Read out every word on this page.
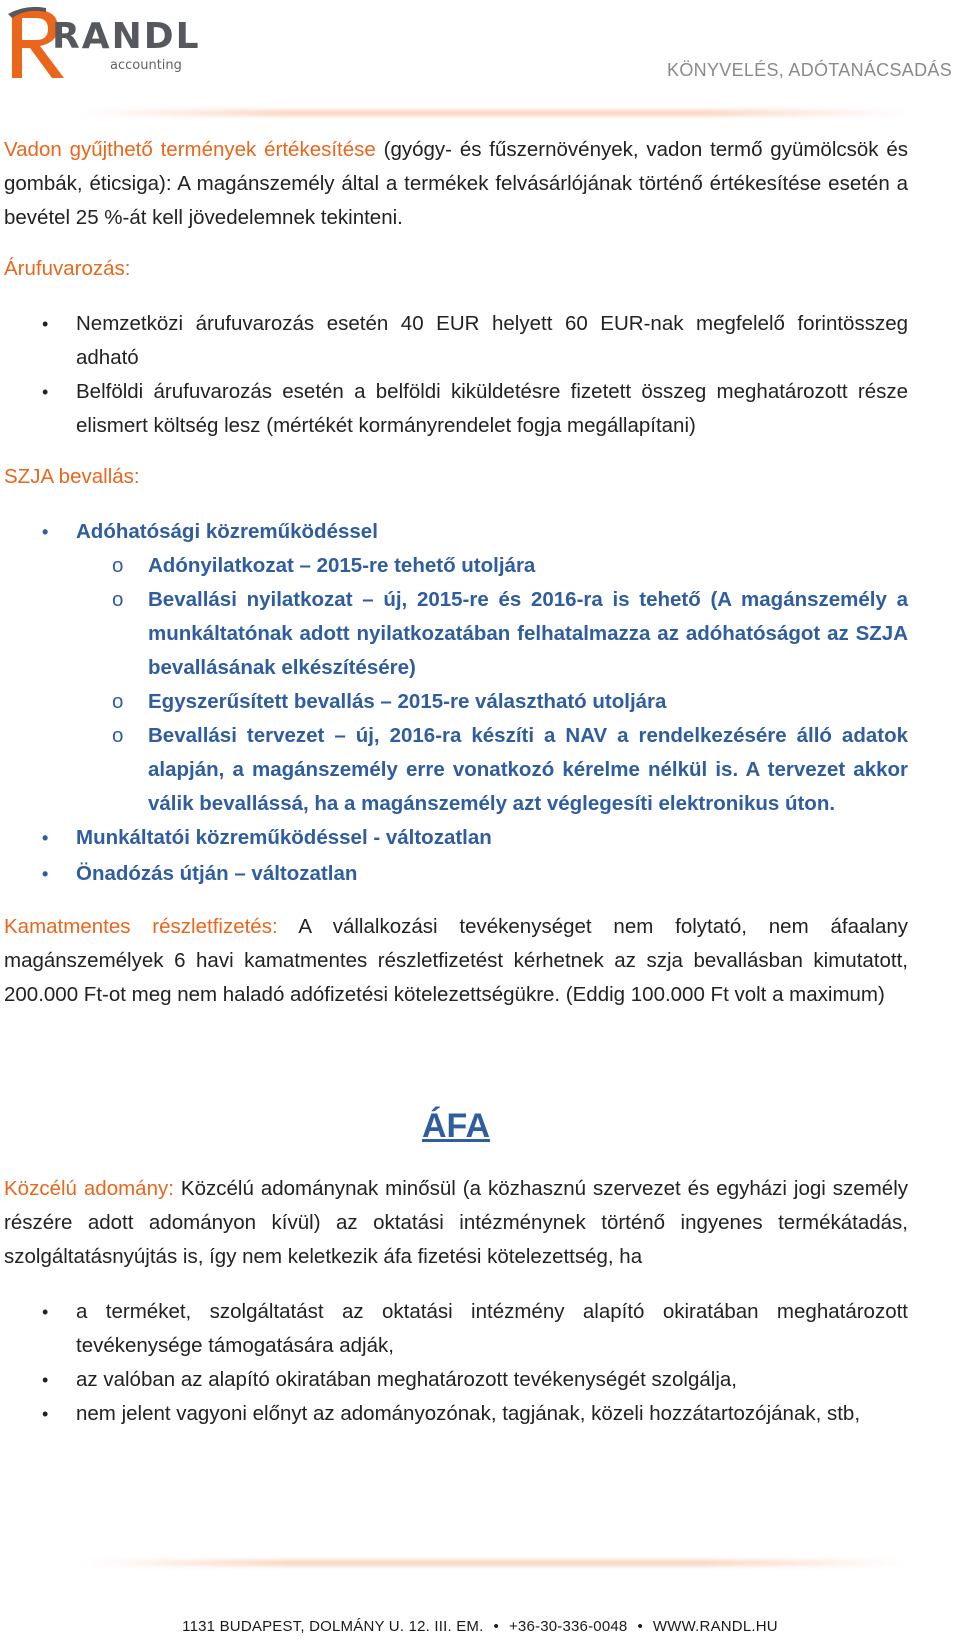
RANDL
accounting	KÖNYVELÉS, ADÓTANÁCSADÁS

Vadon gyűjthető termények értékesítése (gyógy- és fűszernövények, vadon termő gyümölcsök és gombák, éticsiga): A magánszemély által a termékek felvásárlójának történő értékesítése esetén a bevétel 25 %-át kell jövedelemnek tekinteni.

Árufuvarozás:

• Nemzetközi árufuvarozás esetén 40 EUR helyett 60 EUR-nak megfelelő forintösszeg adható
• Belföldi árufuvarozás esetén a belföldi kiküldetésre fizetett összeg meghatározott része elismert költség lesz (mértékét kormányrendelet fogja megállapítani)

SZJA bevallás:

• Adóhatósági közreműködéssel
o Adónyilatkozat – 2015-re tehető utoljára
o Bevallási nyilatkozat – új, 2015-re és 2016-ra is tehető (A magánszemély a munkáltatónak adott nyilatkozatában felhatalmazza az adóhatóságot az SZJA bevallásának elkészítésére)
o Egyszerűsített bevallás – 2015-re választható utoljára
o Bevallási tervezet – új, 2016-ra készíti a NAV a rendelkezésére álló adatok alapján, a magánszemély erre vonatkozó kérelme nélkül is. A tervezet akkor válik bevallássá, ha a magánszemély azt véglegesíti elektronikus úton.
• Munkáltatói közreműködéssel - változatlan
• Önadózás útján – változatlan

Kamatmentes részletfizetés: A vállalkozási tevékenységet nem folytató, nem áfaalany magánszemélyek 6 havi kamatmentes részletfizetést kérhetnek az szja bevallásban kimutatott, 200.000 Ft-ot meg nem haladó adófizetési kötelezettségükre. (Eddig 100.000 Ft volt a maximum)

ÁFA

Közcélú adomány: Közcélú adománynak minősül (a közhasznú szervezet és egyházi jogi személy részére adott adományon kívül) az oktatási intézménynek történő ingyenes termékátadás, szolgáltatásnyújtás is, így nem keletkezik áfa fizetési kötelezettség, ha

• a terméket, szolgáltatást az oktatási intézmény alapító okiratában meghatározott tevékenysége támogatására adják,
• az valóban az alapító okiratában meghatározott tevékenységét szolgálja,
• nem jelent vagyoni előnyt az adományozónak, tagjának, közeli hozzátartozójának, stb,
1131 BUDAPEST, DOLMÁNY U. 12. III. EM. • +36-30-336-0048 • WWW.RANDL.HU
